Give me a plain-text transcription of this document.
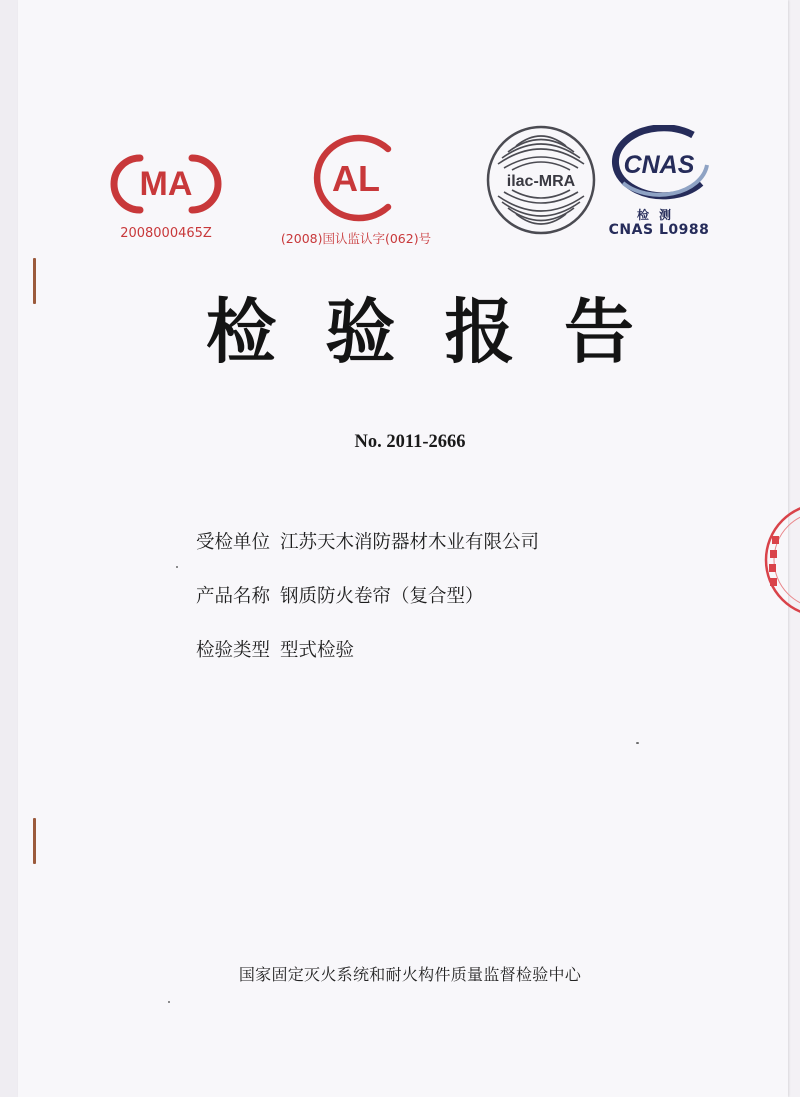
MA
2008000465Z
AL
(2008)国认监认字(062)号
ilac-MRA
CNAS
检测
CNAS L0988
检 验 报 告
No. 2011-2666
受检单位 江苏天木消防器材木业有限公司
产品名称 钢质防火卷帘（复合型）
检验类型 型式检验
国家固定灭火系统和耐火构件质量监督检验中心
